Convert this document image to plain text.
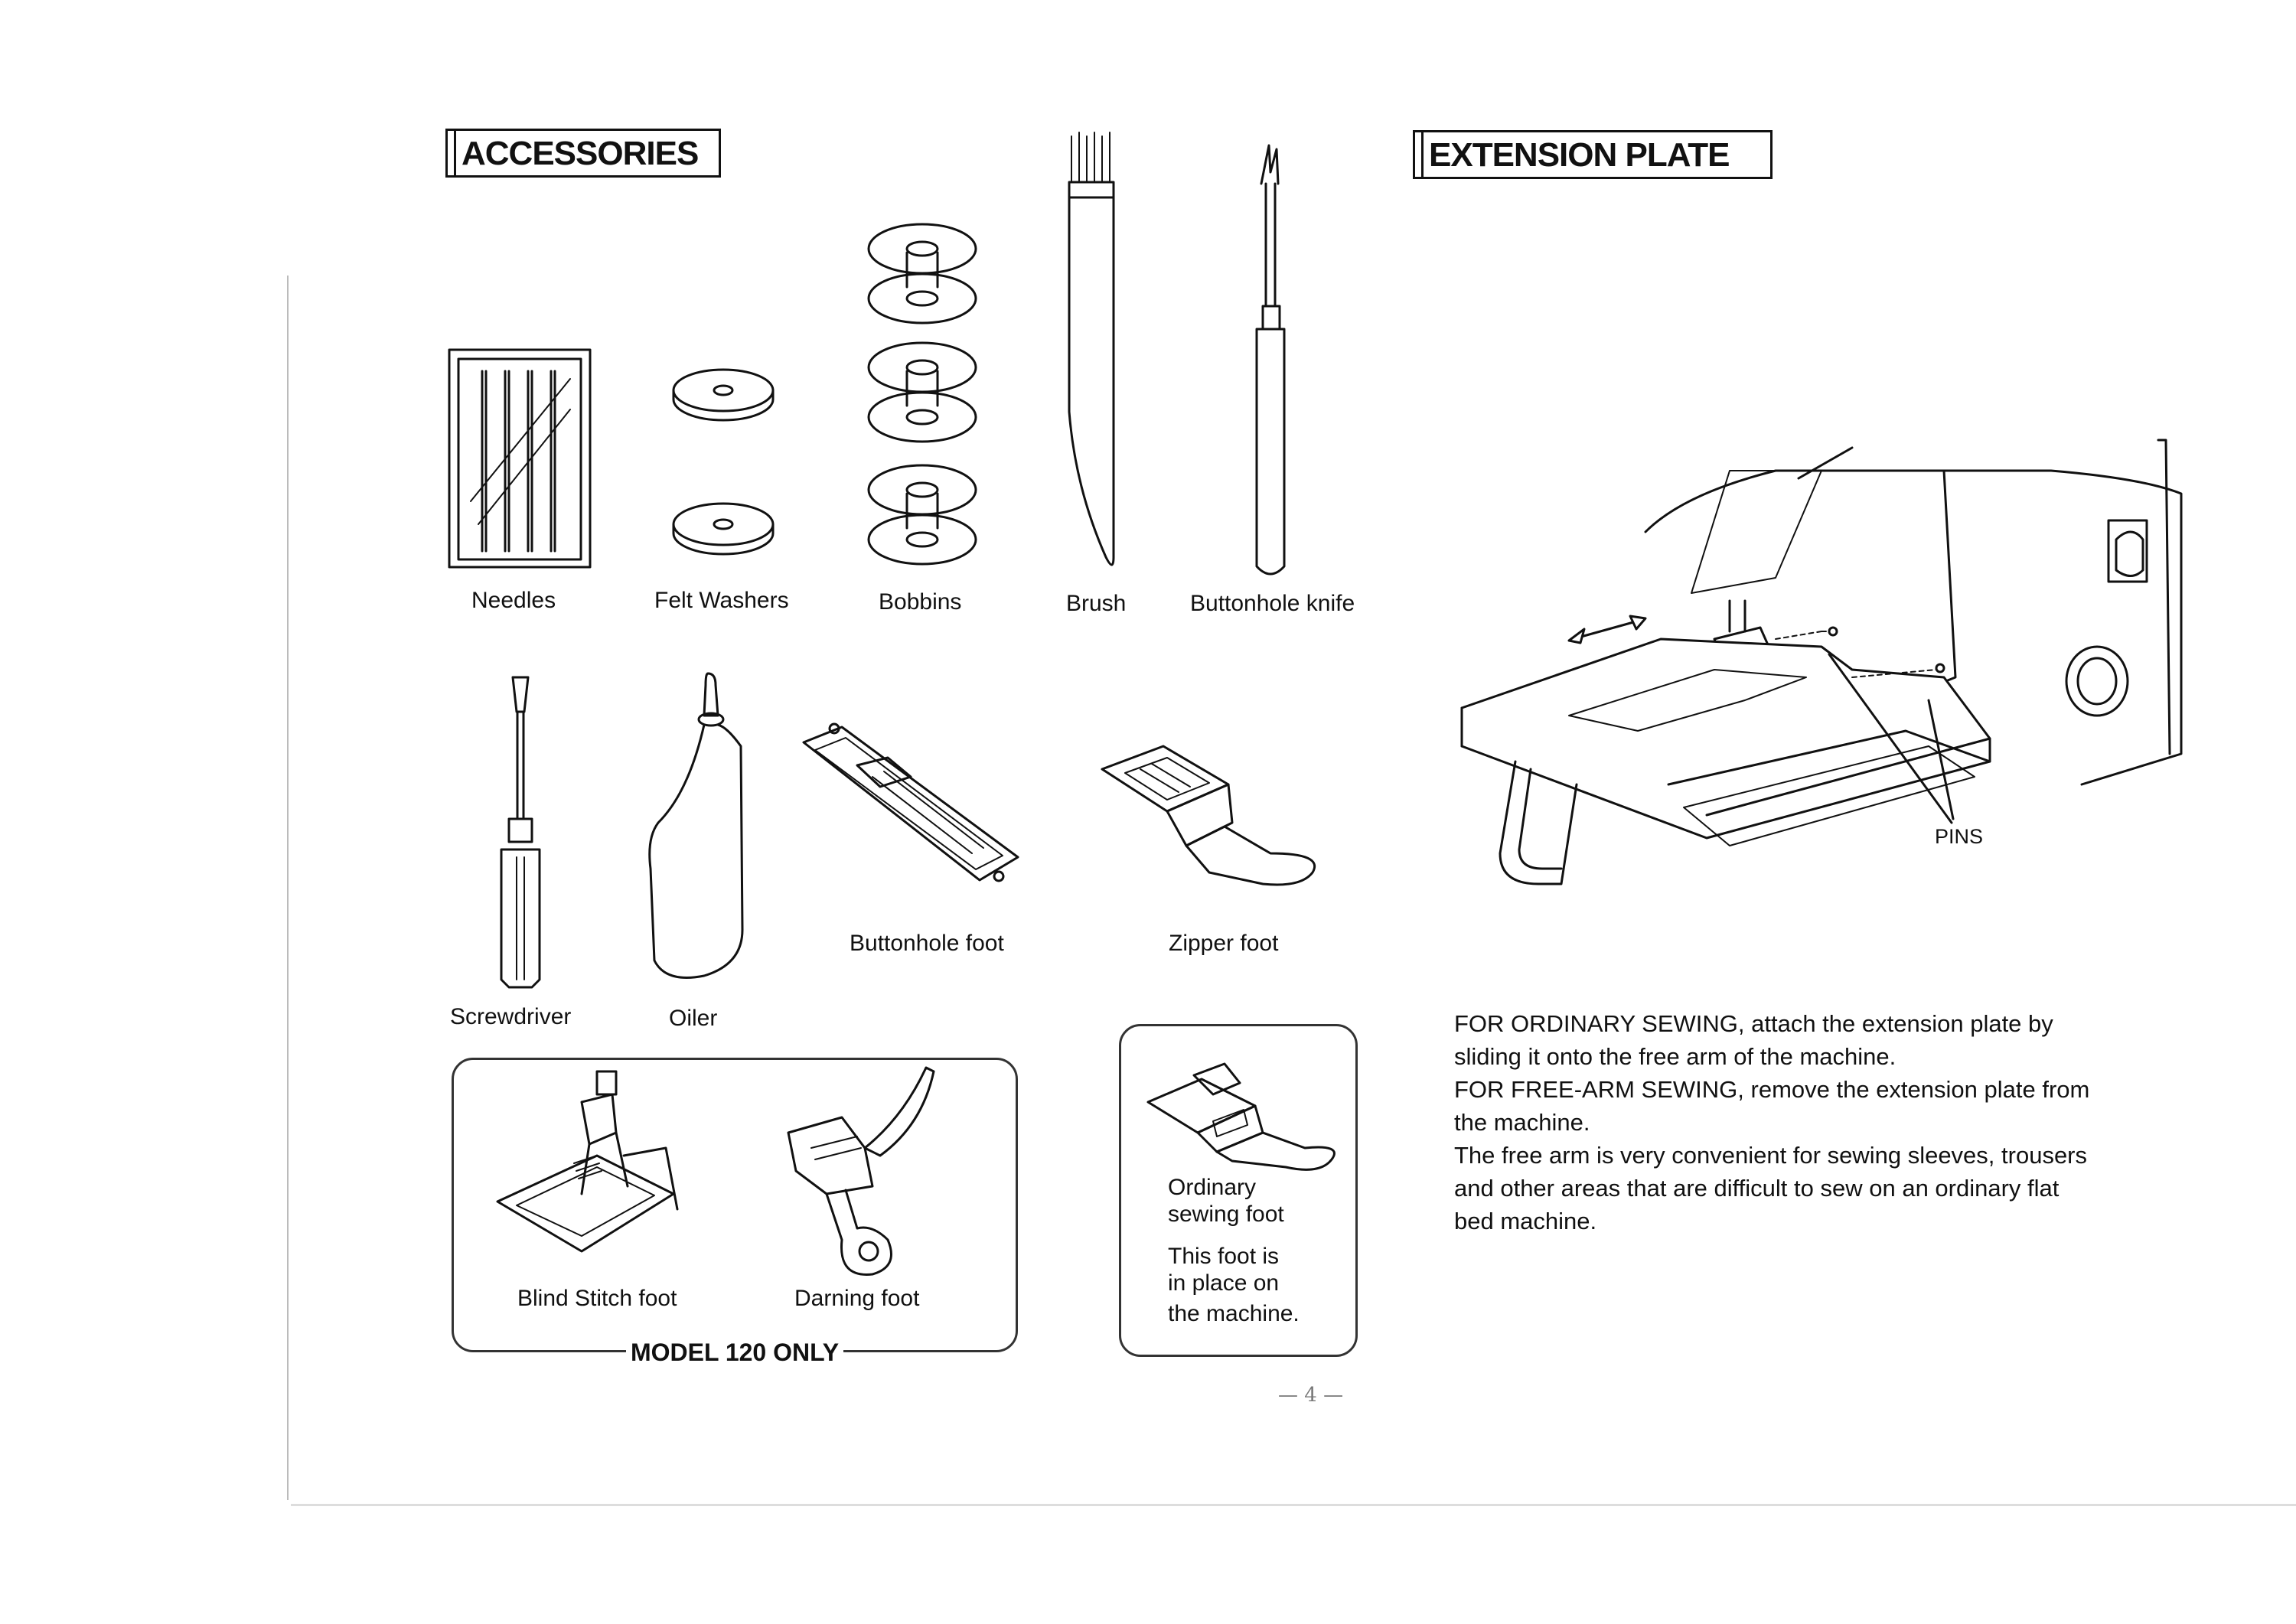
ACCESSORIES	EXTENSION PLATE
Needles	Felt Washers	Bobbins	Brush	Buttonhole knife
Screwdriver	Oiler
Buttonhole foot	Zipper foot
Blind Stitch foot	Darning foot
MODEL 120 ONLY
Ordinary
sewing foot
This foot is
in place on
the machine.
PINS
FOR ORDINARY SEWING, attach the extension plate by
sliding it onto the free arm of the machine.
FOR FREE-ARM SEWING, remove the extension plate from
the machine.
The free arm is very convenient for sewing sleeves, trousers
and other areas that are difficult to sew on an ordinary flat
bed machine.
— 4 —
